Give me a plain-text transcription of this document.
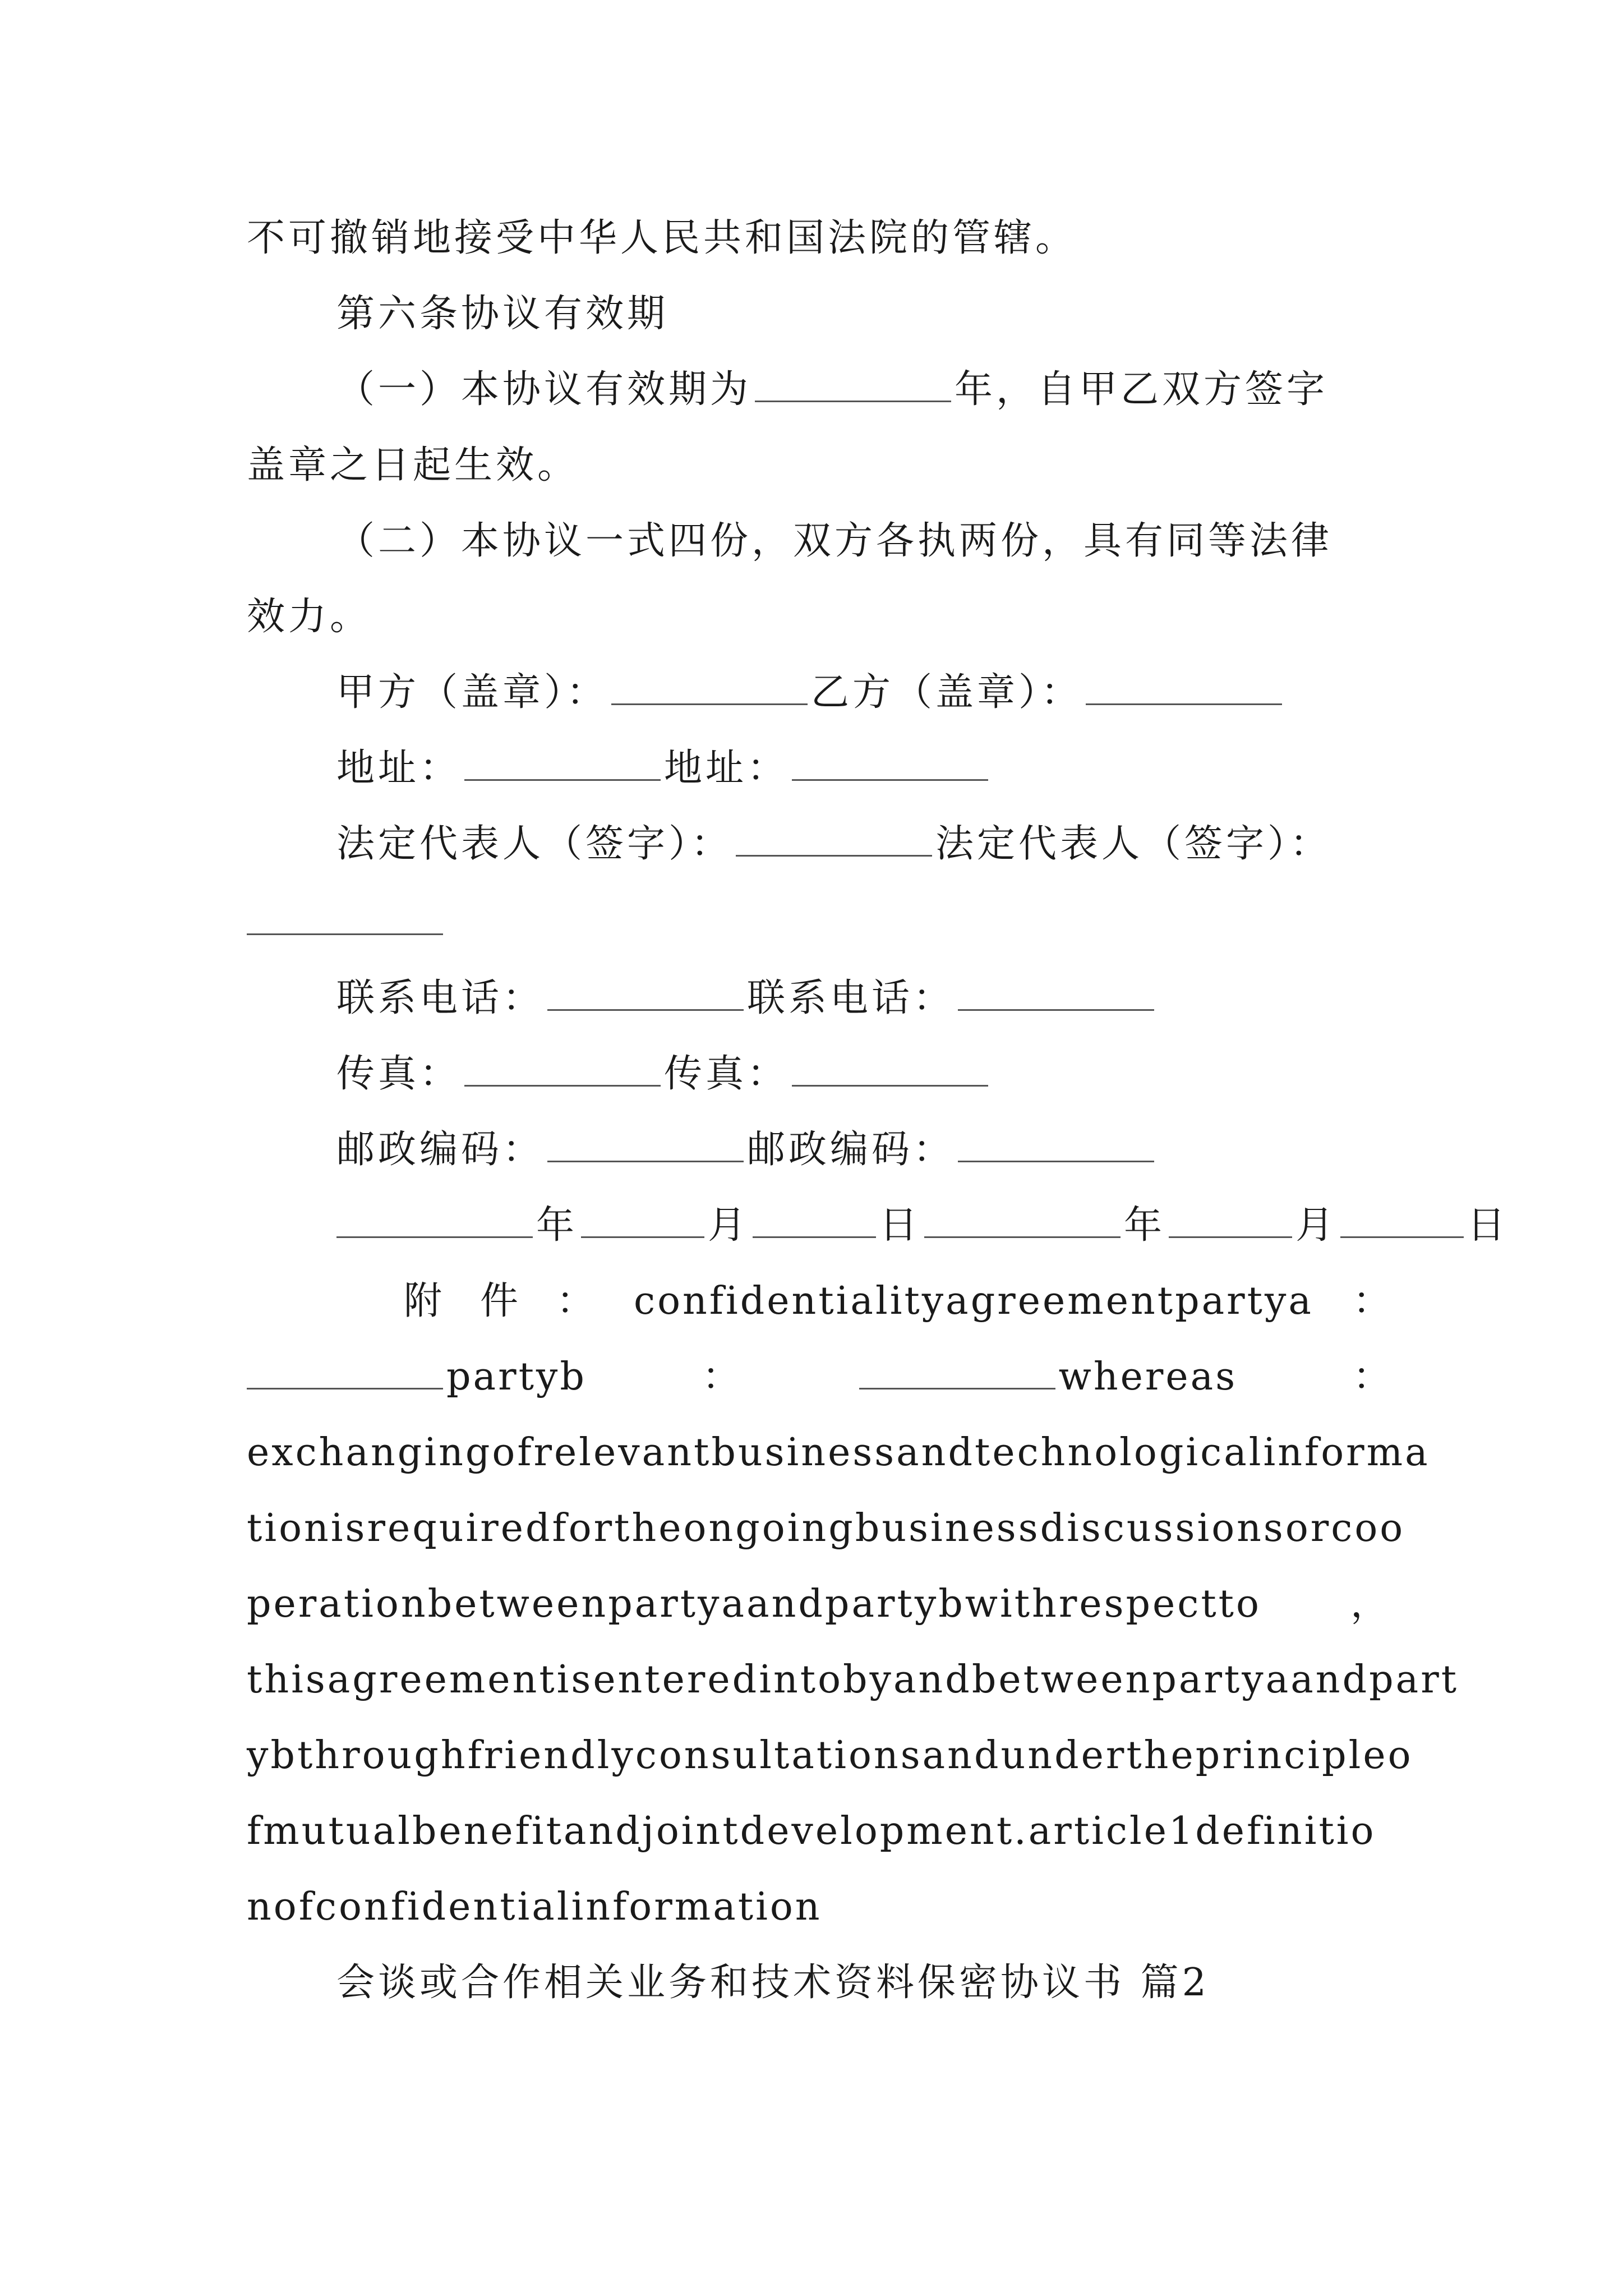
不可撤销地接受中华人民共和国法院的管辖。
第六条协议有效期
（一）本协议有效期为	年，自甲乙双方签字
盖章之日起生效。
（二）本协议一式四份，双方各执两份，具有同等法律
效力。
甲方（盖章）：	乙方（盖章）：
地址：	地址：
法定代表人（签字）：	法定代表人（签字）：
联系电话：	联系电话：
传真：	传真：
邮政编码：	邮政编码：
年	月	日	年	月	日
附　件　： confidentialityagreementpartya ：
partyb	：	whereas	：
exchangingofrelevantbusinessandtechnologicalinforma
tionisrequiredfortheongoingbusinessdiscussionsorcoo
perationbetweenpartyaandpartybwithrespectto ，
thisagreementisenteredintobyandbetweenpartyaandpart
ybthroughfriendlyconsultationsandundertheprincipleo
fmutualbenefitandjointdevelopment.article1definitio
nofconfidentialinformation
会谈或合作相关业务和技术资料保密协议书 篇2
